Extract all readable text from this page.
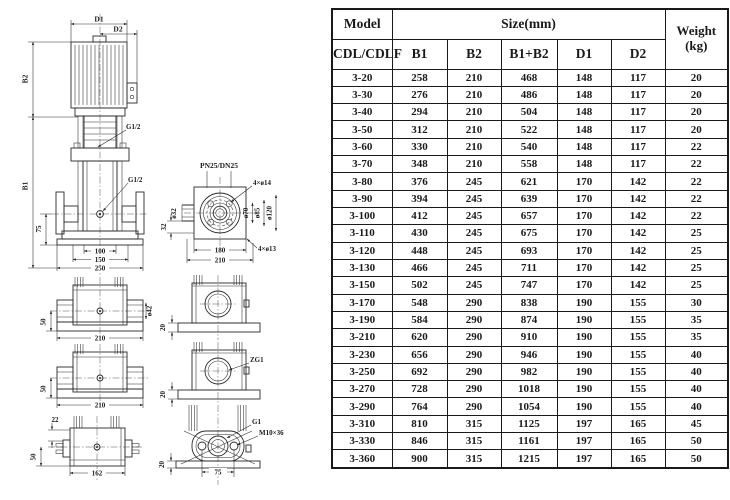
D1
D2
G1/2
G1/2
75
B2
B1
100
150
250
PN25/DN25
ø32
4×ø14
4×ø13
ø70 ø85 ø120
32
180
210
50
210
ø42
50
210
22
50
162
20
ZG1
20
G1
M10×36
20
75
Model	Size(mm)					Weight
(kg)

CDL/CDLF	B1	B2	B1+B2	D1	D2	
3-20	258	210	468	148	117	20
3-30	276	210	486	148	117	20
3-40	294	210	504	148	117	20
3-50	312	210	522	148	117	20
3-60	330	210	540	148	117	22
3-70	348	210	558	148	117	22
3-80	376	245	621	170	142	22
3-90	394	245	639	170	142	22
3-100	412	245	657	170	142	22
3-110	430	245	675	170	142	25
3-120	448	245	693	170	142	25
3-130	466	245	711	170	142	25
3-150	502	245	747	170	142	25
3-170	548	290	838	190	155	30
3-190	584	290	874	190	155	35
3-210	620	290	910	190	155	35
3-230	656	290	946	190	155	40
3-250	692	290	982	190	155	40
3-270	728	290	1018	190	155	40
3-290	764	290	1054	190	155	40
3-310	810	315	1125	197	165	45
3-330	846	315	1161	197	165	50
3-360	900	315	1215	197	165	50
